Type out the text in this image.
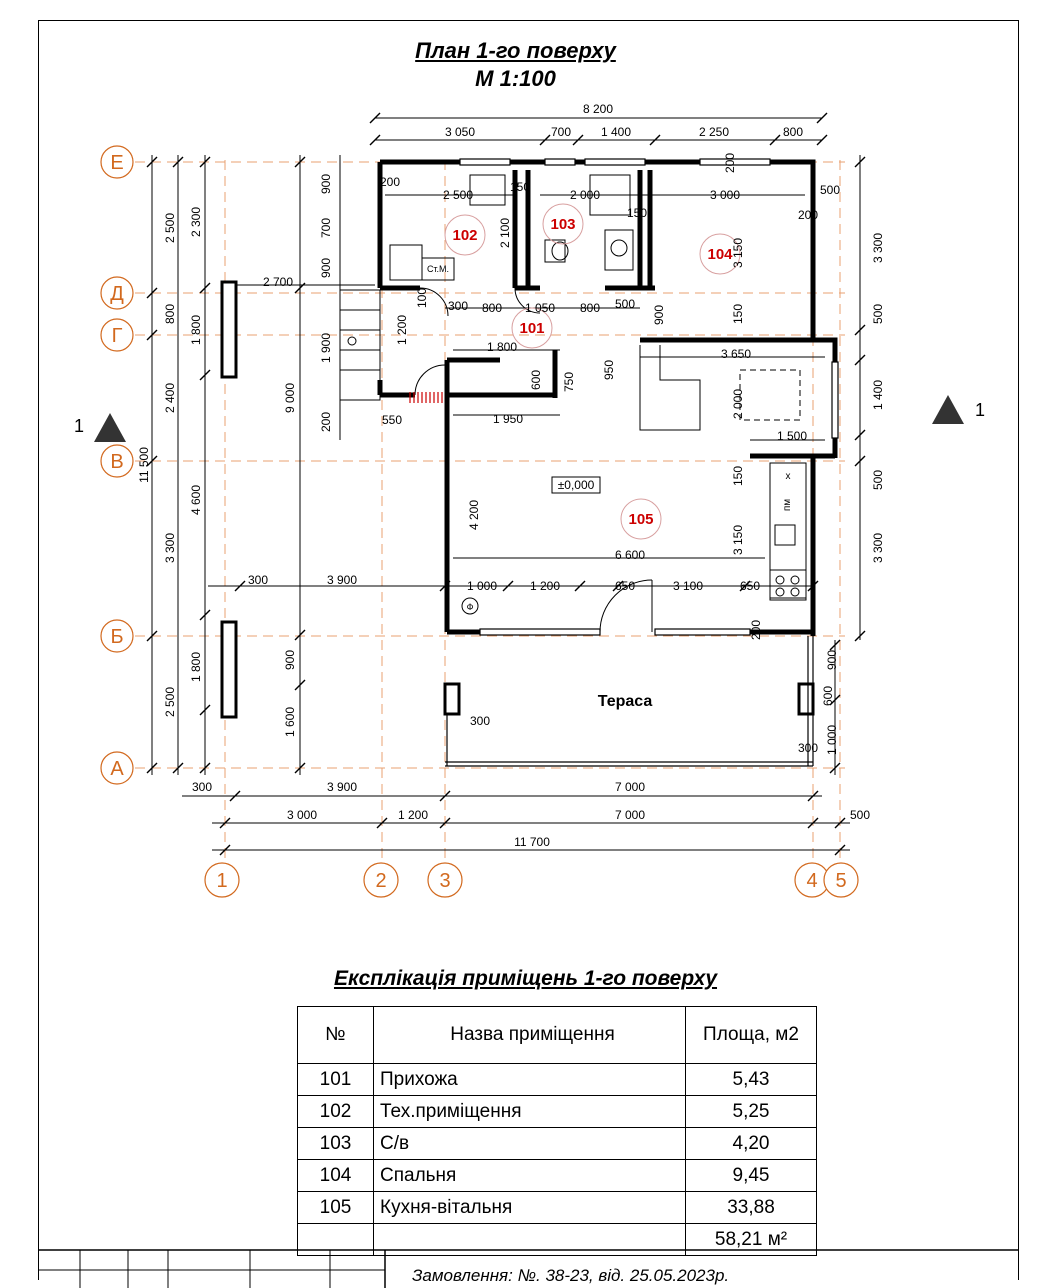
План 1-го поверху
М 1:100
102
103
104
101
105
±0,000
Тераса
Ст.М.
х
пм
Ф
8 200
3 050	700 1 400	2 250	800
2 500
800
2 400
3 300
2 500
11 500
2 300
1 800
4 600
1 800
900
700
900
1 900
200
9 000
900
1 600
3 300
500
1 400
500
3 300
900
600
1 000
300	3 900	7 000
3 000	1 200	7 000	500
11 700
200
2 500
150
2 000	3 000	500
200
150
2 100
3 150
2 700
300 800 1 050 800 500
900	150
1 200
1 800	3 650
950
600 750
550	1 950	2 000
1 500
150
4 200
6 600	3 150
300	3 900	1 000	1 200	650	3 100	650
200
300
300
200
100
Е
Д
Г
В
Б
А
1	2	3	4 5
1
1
Експлікація приміщень 1-го поверху
№	Назва приміщення	Площа, м2
101	Прихожа	5,43
102	Тех.приміщення	5,25
103	С/в	4,20
104	Спальня	9,45
105	Кухня-вітальня	33,88
		58,21 м²
Замовлення: №. 38-23, від. 25.05.2023р.
